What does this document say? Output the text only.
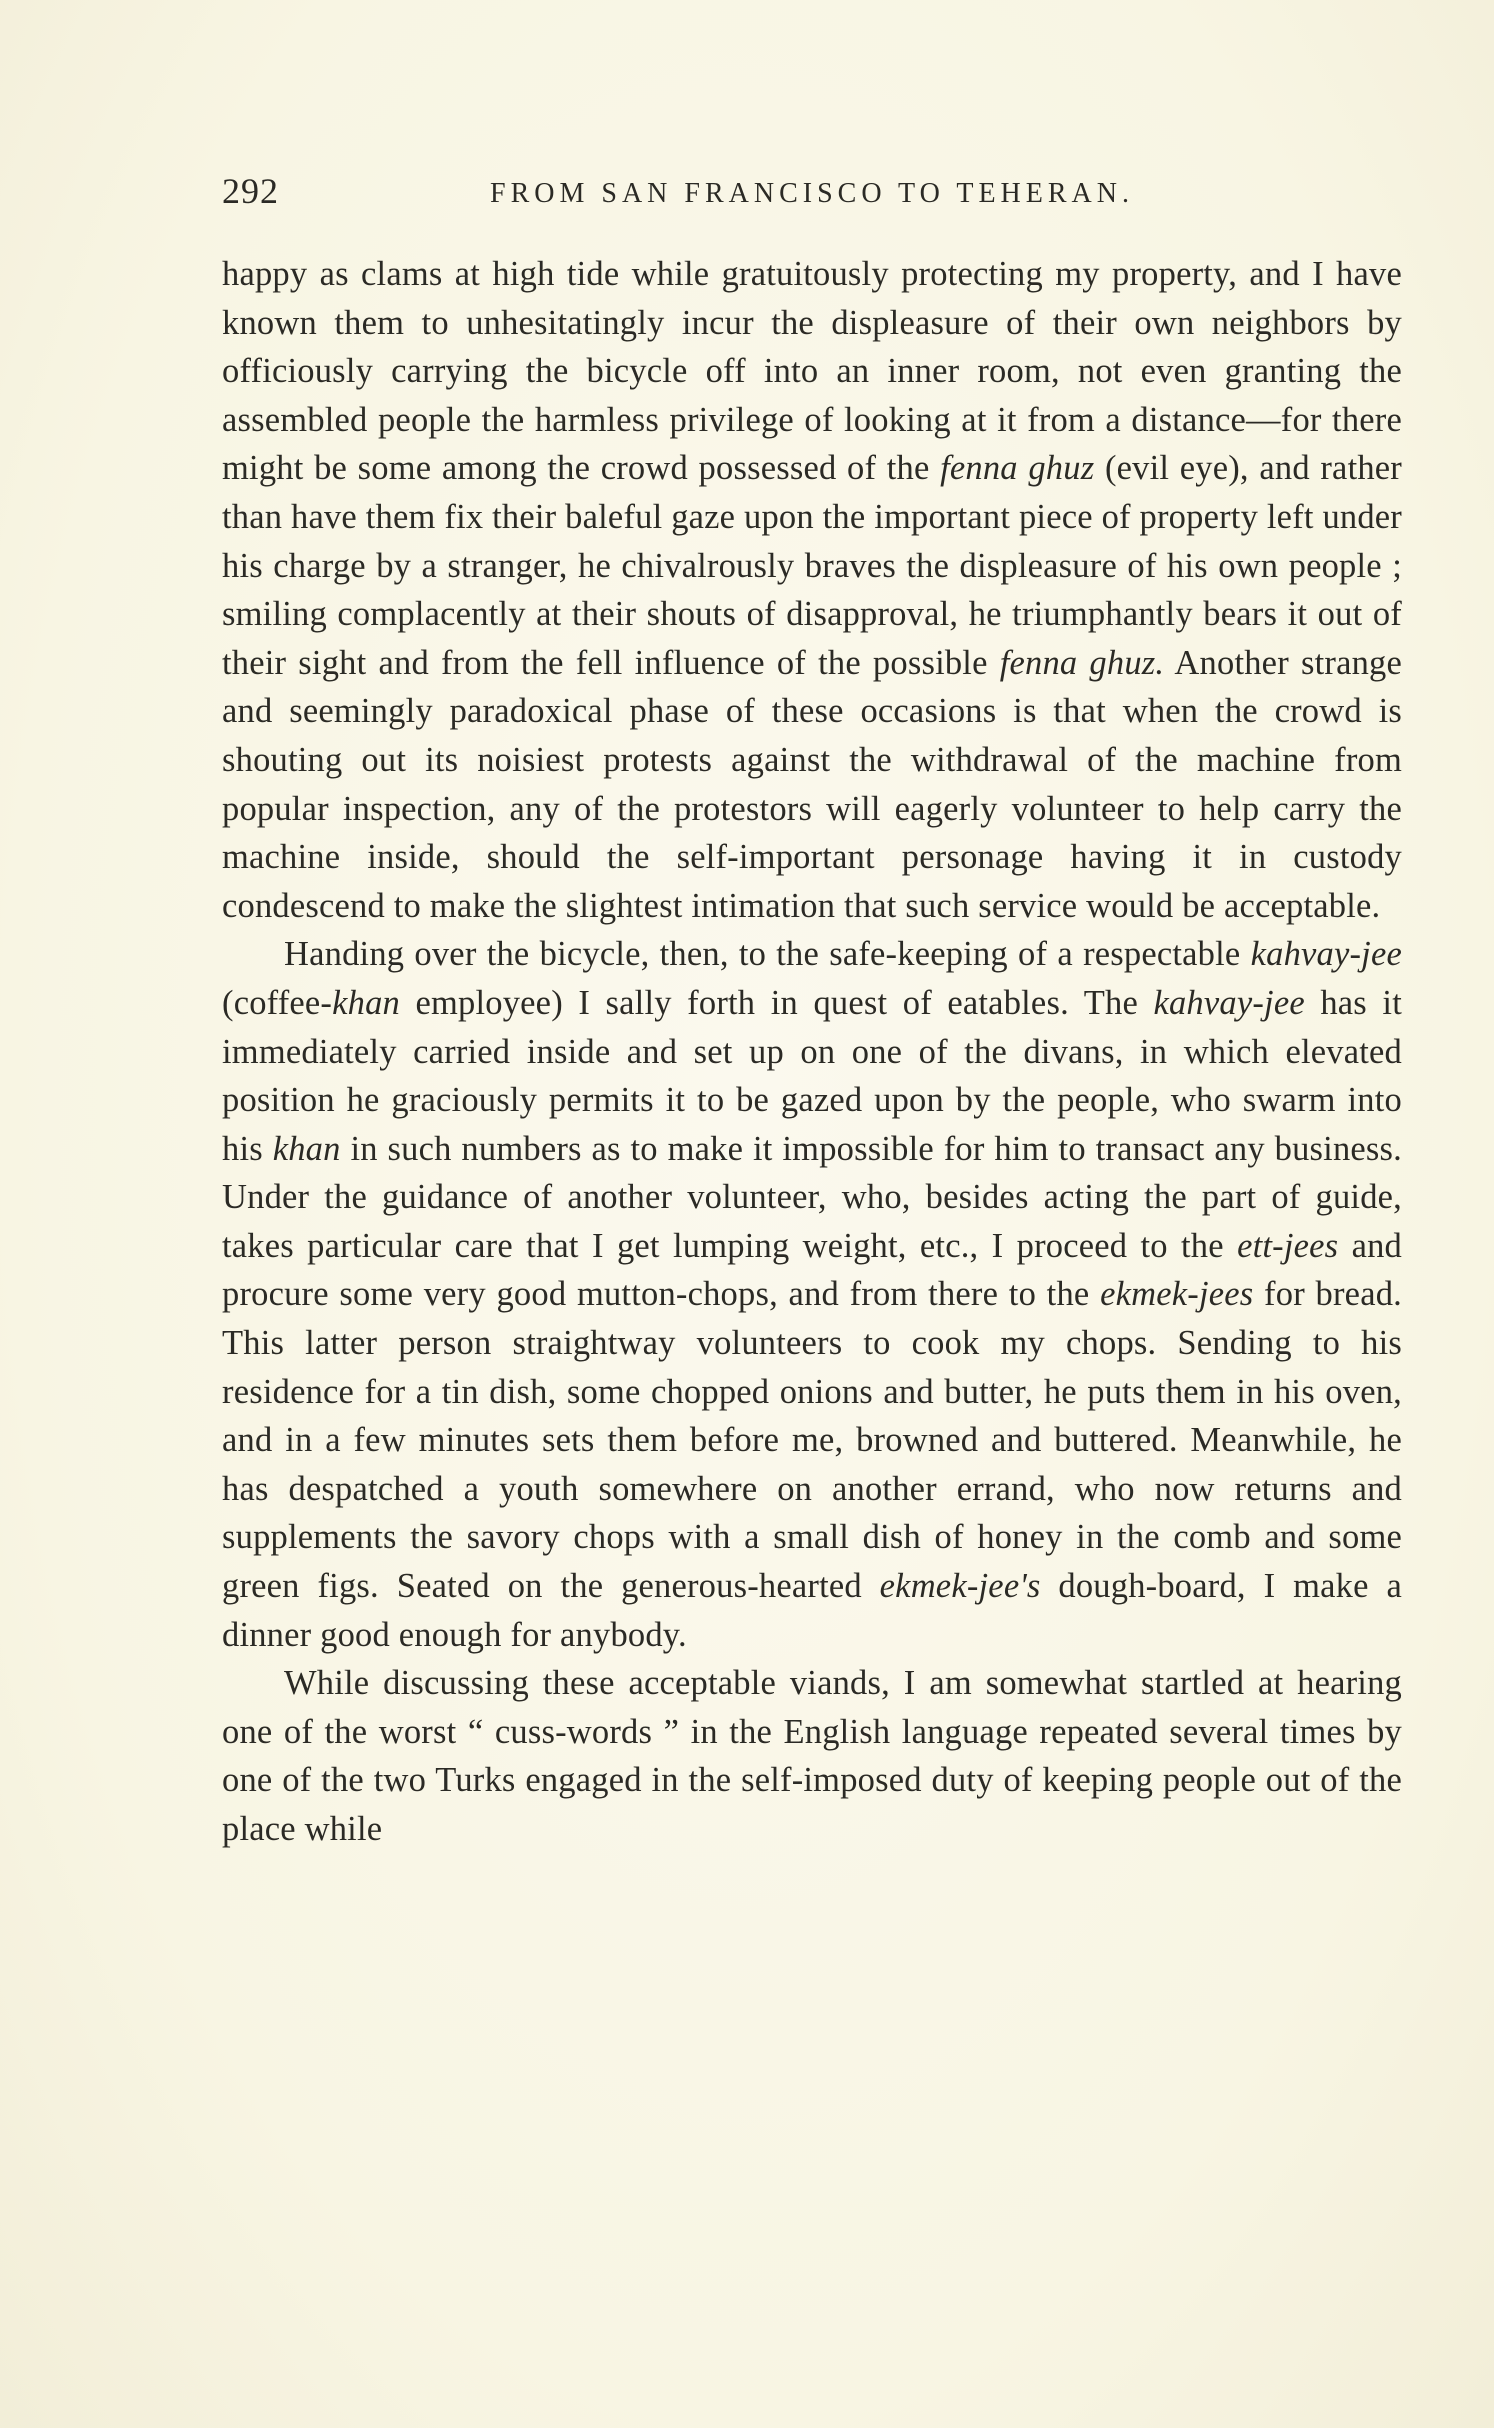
292	FROM SAN FRANCISCO TO TEHERAN.

happy as clams at high tide while gratuitously protecting my property, and I have known them to unhesitatingly incur the displeasure of their own neighbors by officiously carrying the bicycle off into an inner room, not even granting the assembled people the harmless privilege of looking at it from a distance—for there might be some among the crowd possessed of the fenna ghuz (evil eye), and rather than have them fix their baleful gaze upon the important piece of property left under his charge by a stranger, he chivalrously braves the displeasure of his own people ; smiling complacently at their shouts of disapproval, he triumphantly bears it out of their sight and from the fell influence of the possible fenna ghuz. Another strange and seemingly paradoxical phase of these occasions is that when the crowd is shouting out its noisiest protests against the withdrawal of the machine from popular inspection, any of the protestors will eagerly volunteer to help carry the machine inside, should the self-important personage having it in custody condescend to make the slightest intimation that such service would be acceptable.

Handing over the bicycle, then, to the safe-keeping of a respectable kahvay-jee (coffee-khan employee) I sally forth in quest of eatables. The kahvay-jee has it immediately carried inside and set up on one of the divans, in which elevated position he graciously permits it to be gazed upon by the people, who swarm into his khan in such numbers as to make it impossible for him to transact any business. Under the guidance of another volunteer, who, besides acting the part of guide, takes particular care that I get lumping weight, etc., I proceed to the ett-jees and procure some very good mutton-chops, and from there to the ekmek-jees for bread. This latter person straightway volunteers to cook my chops. Sending to his residence for a tin dish, some chopped onions and butter, he puts them in his oven, and in a few minutes sets them before me, browned and buttered. Meanwhile, he has despatched a youth somewhere on another errand, who now returns and supplements the savory chops with a small dish of honey in the comb and some green figs. Seated on the generous-hearted ekmek-jee's dough-board, I make a dinner good enough for anybody.

While discussing these acceptable viands, I am somewhat startled at hearing one of the worst “ cuss-words ” in the English language repeated several times by one of the two Turks engaged in the self-imposed duty of keeping people out of the place while
